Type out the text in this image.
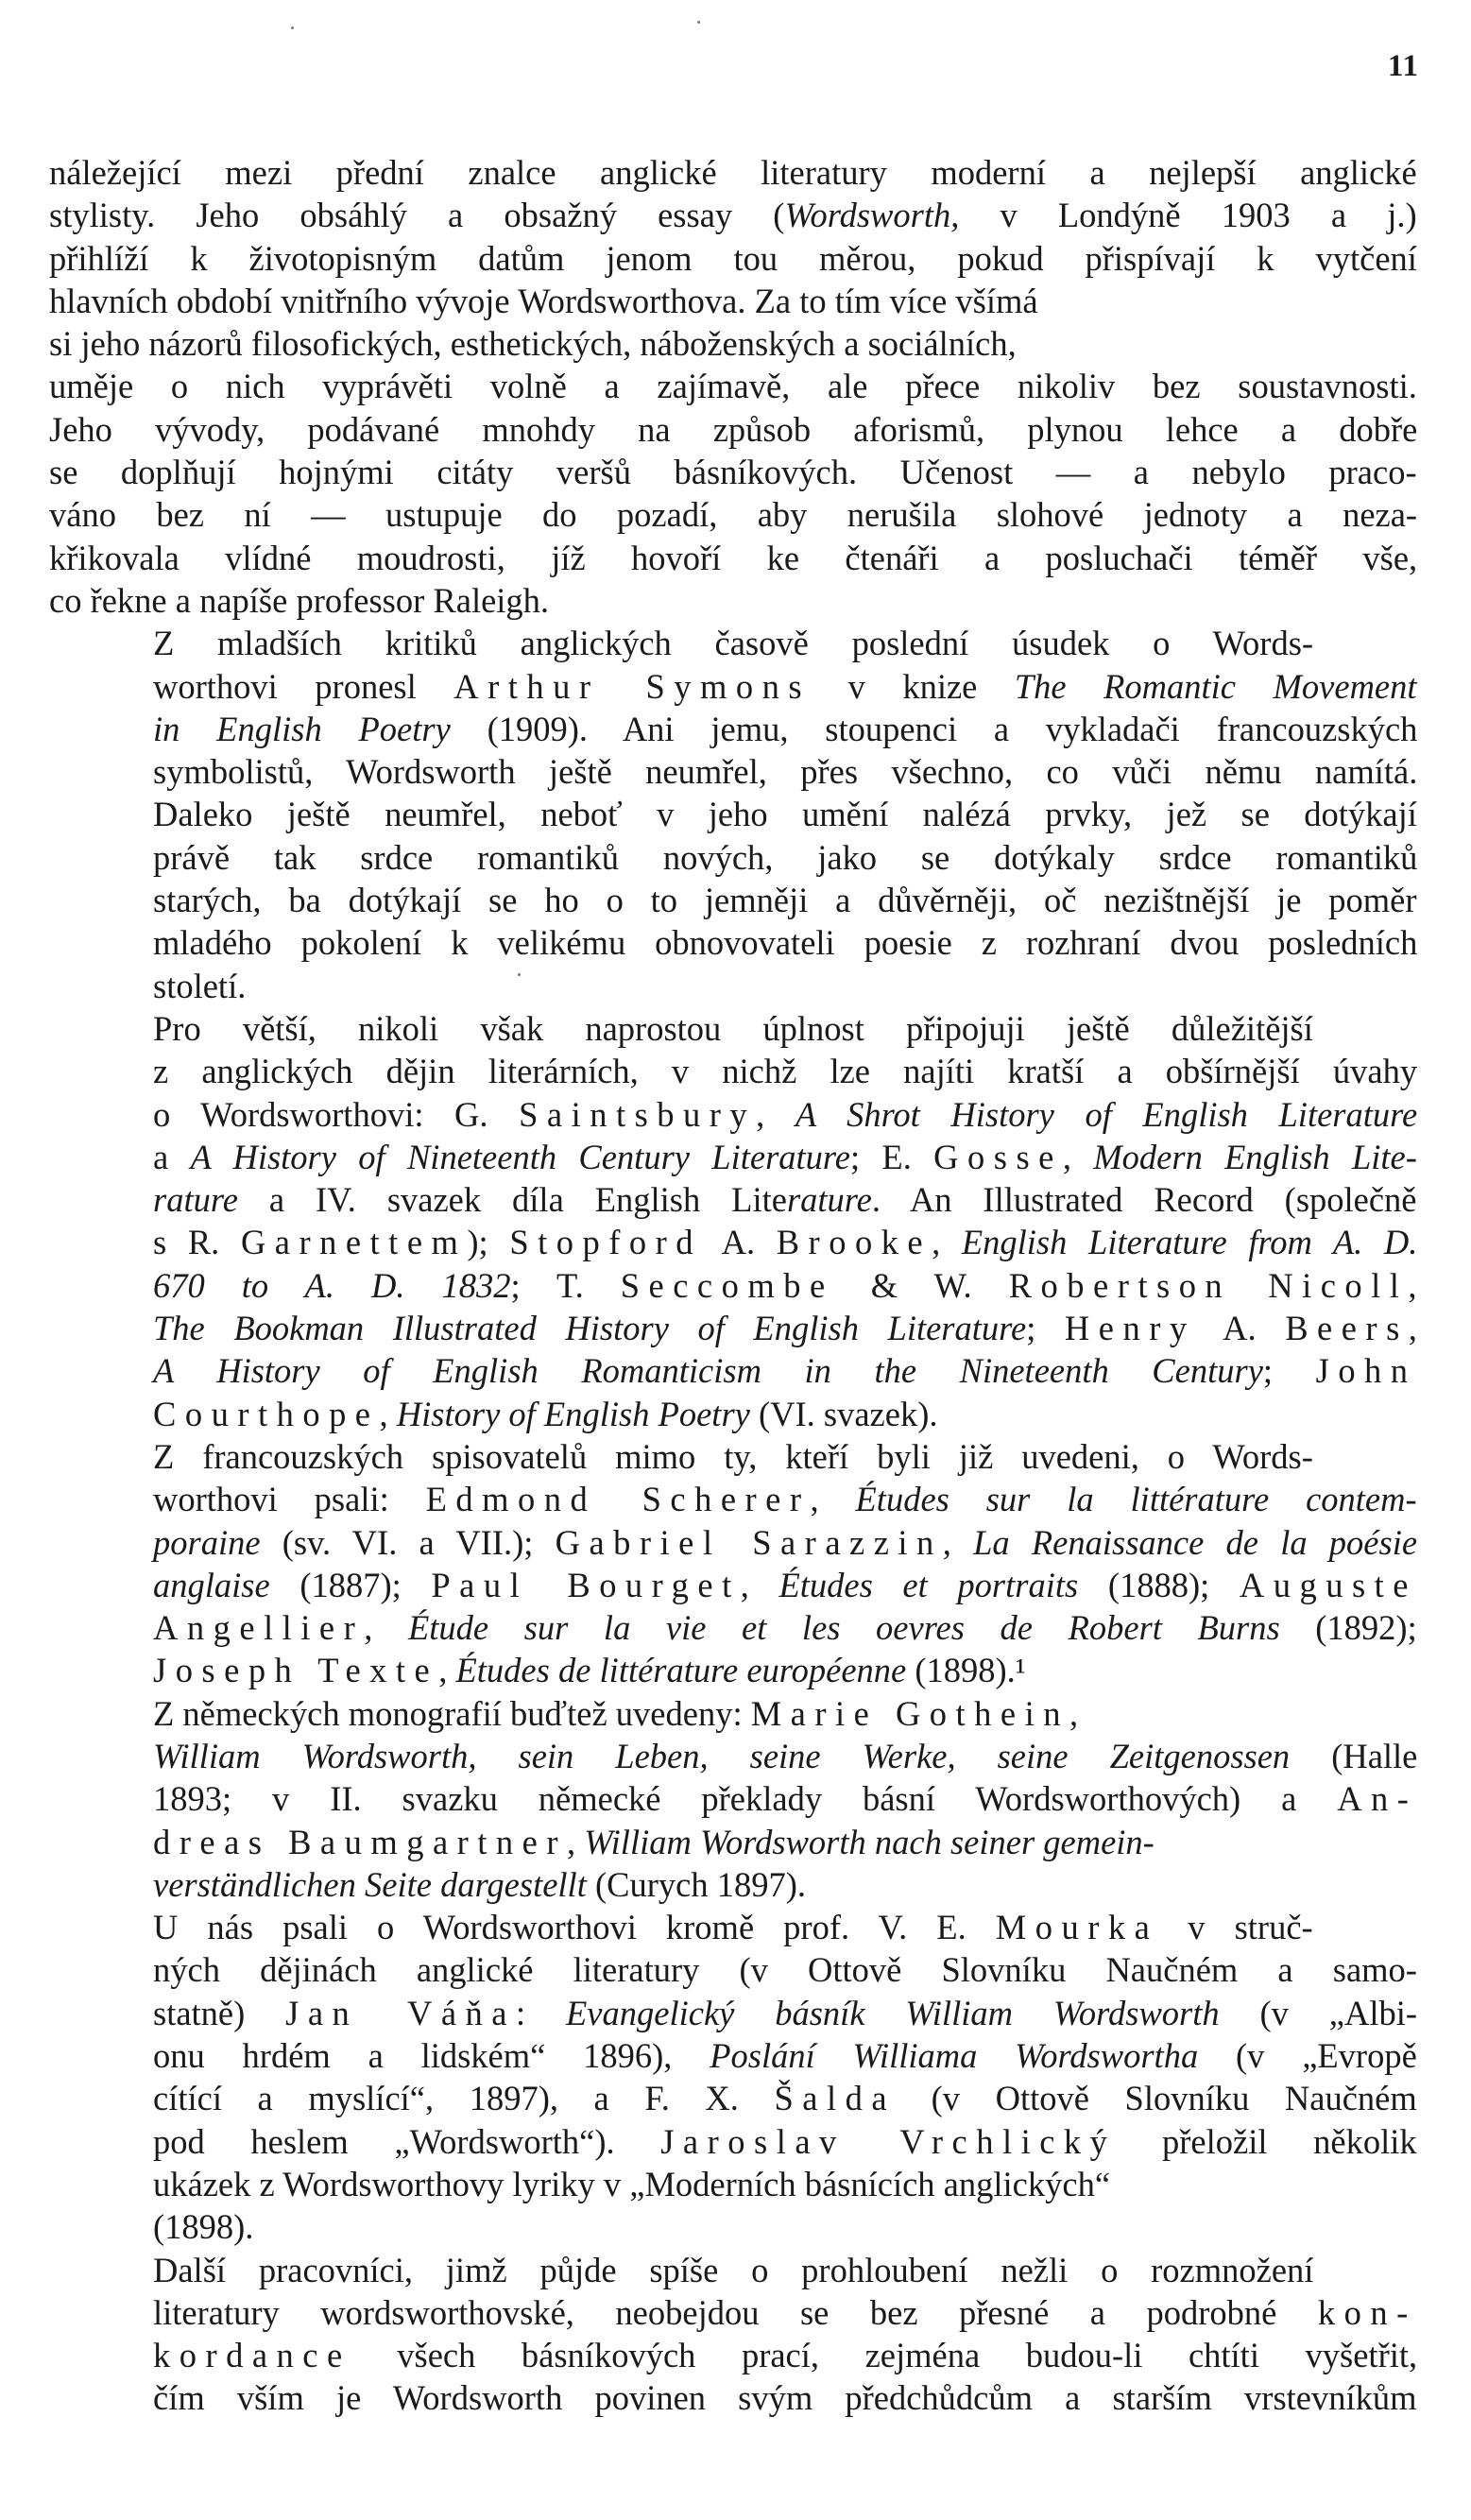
11
náležející mezi přední znalce anglické literatury moderní a nejlepší anglické
stylisty. Jeho obsáhlý a obsažný essay (Wordsworth, v Londýně 1903 a j.)
přihlíží k životopisným datům jenom tou měrou, pokud přispívají k vytčení
hlavních období vnitřního vývoje Wordsworthova. Za to tím více všímá
si jeho názorů filosofických, esthetických, náboženských a sociálních,
uměje o nich vyprávěti volně a zajímavě, ale přece nikoliv bez soustavnosti.
Jeho vývody, podávané mnohdy na způsob aforismů, plynou lehce a dobře
se doplňují hojnými citáty veršů básníkových. Učenost — a nebylo praco-
váno bez ní — ustupuje do pozadí, aby nerušila slohové jednoty a neza-
křikovala vlídné moudrosti, jíž hovoří ke čtenáři a posluchači téměř vše,
co řekne a napíše professor Raleigh.
Z mladších kritiků anglických časově poslední úsudek o Words-
worthovi pronesl Arthur Symons v knize The Romantic Movement
in English Poetry (1909). Ani jemu, stoupenci a vykladači francouzských
symbolistů, Wordsworth ještě neumřel, přes všechno, co vůči němu namítá.
Daleko ještě neumřel, neboť v jeho umění nalézá prvky, jež se dotýkají
právě tak srdce romantiků nových, jako se dotýkaly srdce romantiků
starých, ba dotýkají se ho o to jemněji a důvěrněji, oč nezištnější je poměr
mladého pokolení k velikému obnovovateli poesie z rozhraní dvou posledních
století.
Pro větší, nikoli však naprostou úplnost připojuji ještě důležitější
z anglických dějin literárních, v nichž lze najíti kratší a obšírnější úvahy
o Wordsworthovi: G. Saintsbury, A Shrot History of English Literature
a A History of Nineteenth Century Literature; E. Gosse, Modern English Lite-
rature a IV. svazek díla English Literature. An Illustrated Record (společně
s R. Garnettem); Stopford A. Brooke, English Literature from A. D.
670 to A. D. 1832; T. Seccombe & W. Robertson Nicoll,
The Bookman Illustrated History of English Literature; Henry A. Beers,
A History of English Romanticism in the Nineteenth Century; John
Courthope, History of English Poetry (VI. svazek).
Z francouzských spisovatelů mimo ty, kteří byli již uvedeni, o Words-
worthovi psali: Edmond Scherer, Études sur la littérature contem-
poraine (sv. VI. a VII.); Gabriel Sarazzin, La Renaissance de la poésie
anglaise (1887); Paul Bourget, Études et portraits (1888); Auguste
Angellier, Étude sur la vie et les oevres de Robert Burns (1892);
Joseph Texte, Études de littérature européenne (1898).¹
Z německých monografií buďtež uvedeny: Marie Gothein,
William Wordsworth, sein Leben, seine Werke, seine Zeitgenossen (Halle
1893; v II. svazku německé překlady básní Wordsworthových) a An-
dreas Baumgartner, William Wordsworth nach seiner gemein-
verständlichen Seite dargestellt (Curych 1897).
U nás psali o Wordsworthovi kromě prof. V. E. Mourka v struč-
ných dějinách anglické literatury (v Ottově Slovníku Naučném a samo-
statně) Jan Váňa: Evangelický básník William Wordsworth (v „Albi-
onu hrdém a lidském“ 1896), Poslání Williama Wordswortha (v „Evropě
cítící a myslící“, 1897), a F. X. Šalda (v Ottově Slovníku Naučném
pod heslem „Wordsworth“). Jaroslav Vrchlický přeložil několik
ukázek z Wordsworthovy lyriky v „Moderních básnících anglických“
(1898).
Další pracovníci, jimž půjde spíše o prohloubení nežli o rozmnožení
literatury wordsworthovské, neobejdou se bez přesné a podrobné kon-
kordance všech básníkových prací, zejména budou-li chtíti vyšetřit,
čím vším je Wordsworth povinen svým předchůdcům a starším vrstevníkům
